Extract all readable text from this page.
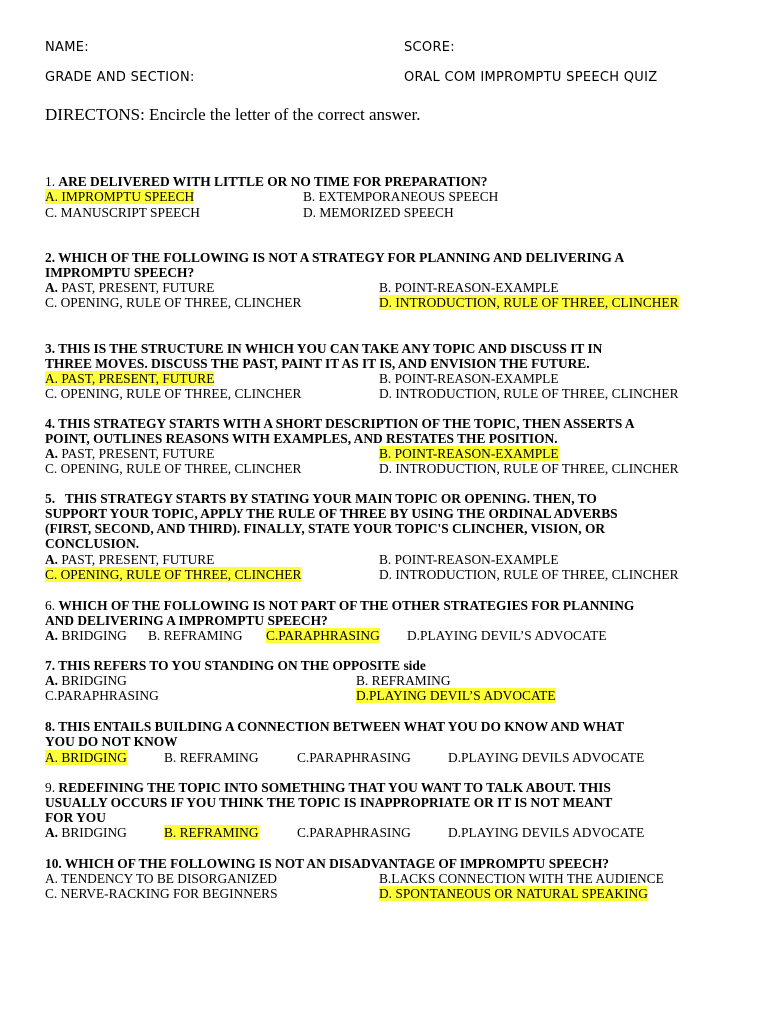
NAME:	SCORE:
GRADE AND SECTION:	ORAL COM IMPROMPTU SPEECH QUIZ
DIRECTONS: Encircle the letter of the correct answer.
1. ARE DELIVERED WITH LITTLE OR NO TIME FOR PREPARATION?
A. IMPROMPTU SPEECH	B. EXTEMPORANEOUS SPEECH
C. MANUSCRIPT SPEECH	D. MEMORIZED SPEECH
2. WHICH OF THE FOLLOWING IS NOT A STRATEGY FOR PLANNING AND DELIVERING A
IMPROMPTU SPEECH?
A. PAST, PRESENT, FUTURE	B. POINT-REASON-EXAMPLE
C. OPENING, RULE OF THREE, CLINCHER	D. INTRODUCTION, RULE OF THREE, CLINCHER
3. THIS IS THE STRUCTURE IN WHICH YOU CAN TAKE ANY TOPIC AND DISCUSS IT IN
THREE MOVES. DISCUSS THE PAST, PAINT IT AS IT IS, AND ENVISION THE FUTURE.
A. PAST, PRESENT, FUTURE	B. POINT-REASON-EXAMPLE
C. OPENING, RULE OF THREE, CLINCHER	D. INTRODUCTION, RULE OF THREE, CLINCHER
4. THIS STRATEGY STARTS WITH A SHORT DESCRIPTION OF THE TOPIC, THEN ASSERTS A
POINT, OUTLINES REASONS WITH EXAMPLES, AND RESTATES THE POSITION.
A. PAST, PRESENT, FUTURE	B. POINT-REASON-EXAMPLE
C. OPENING, RULE OF THREE, CLINCHER	D. INTRODUCTION, RULE OF THREE, CLINCHER
5.   THIS STRATEGY STARTS BY STATING YOUR MAIN TOPIC OR OPENING. THEN, TO
SUPPORT YOUR TOPIC, APPLY THE RULE OF THREE BY USING THE ORDINAL ADVERBS
(FIRST, SECOND, AND THIRD). FINALLY, STATE YOUR TOPIC'S CLINCHER, VISION, OR
CONCLUSION.
A. PAST, PRESENT, FUTURE	B. POINT-REASON-EXAMPLE
C. OPENING, RULE OF THREE, CLINCHER	D. INTRODUCTION, RULE OF THREE, CLINCHER
6. WHICH OF THE FOLLOWING IS NOT PART OF THE OTHER STRATEGIES FOR PLANNING
AND DELIVERING A IMPROMPTU SPEECH?
A. BRIDGING B. REFRAMING C.PARAPHRASING D.PLAYING DEVIL’S ADVOCATE
7. THIS REFERS TO YOU STANDING ON THE OPPOSITE side
A. BRIDGING	B. REFRAMING
C.PARAPHRASING	D.PLAYING DEVIL’S ADVOCATE
8. THIS ENTAILS BUILDING A CONNECTION BETWEEN WHAT YOU DO KNOW AND WHAT
YOU DO NOT KNOW
A. BRIDGING	B. REFRAMING	C.PARAPHRASING	D.PLAYING DEVILS ADVOCATE
9. REDEFINING THE TOPIC INTO SOMETHING THAT YOU WANT TO TALK ABOUT. THIS
USUALLY OCCURS IF YOU THINK THE TOPIC IS INAPPROPRIATE OR IT IS NOT MEANT
FOR YOU
A. BRIDGING	B. REFRAMING	C.PARAPHRASING	D.PLAYING DEVILS ADVOCATE
10. WHICH OF THE FOLLOWING IS NOT AN DISADVANTAGE OF IMPROMPTU SPEECH?
A. TENDENCY TO BE DISORGANIZED	B.LACKS CONNECTION WITH THE AUDIENCE
C. NERVE-RACKING FOR BEGINNERS	D. SPONTANEOUS OR NATURAL SPEAKING
